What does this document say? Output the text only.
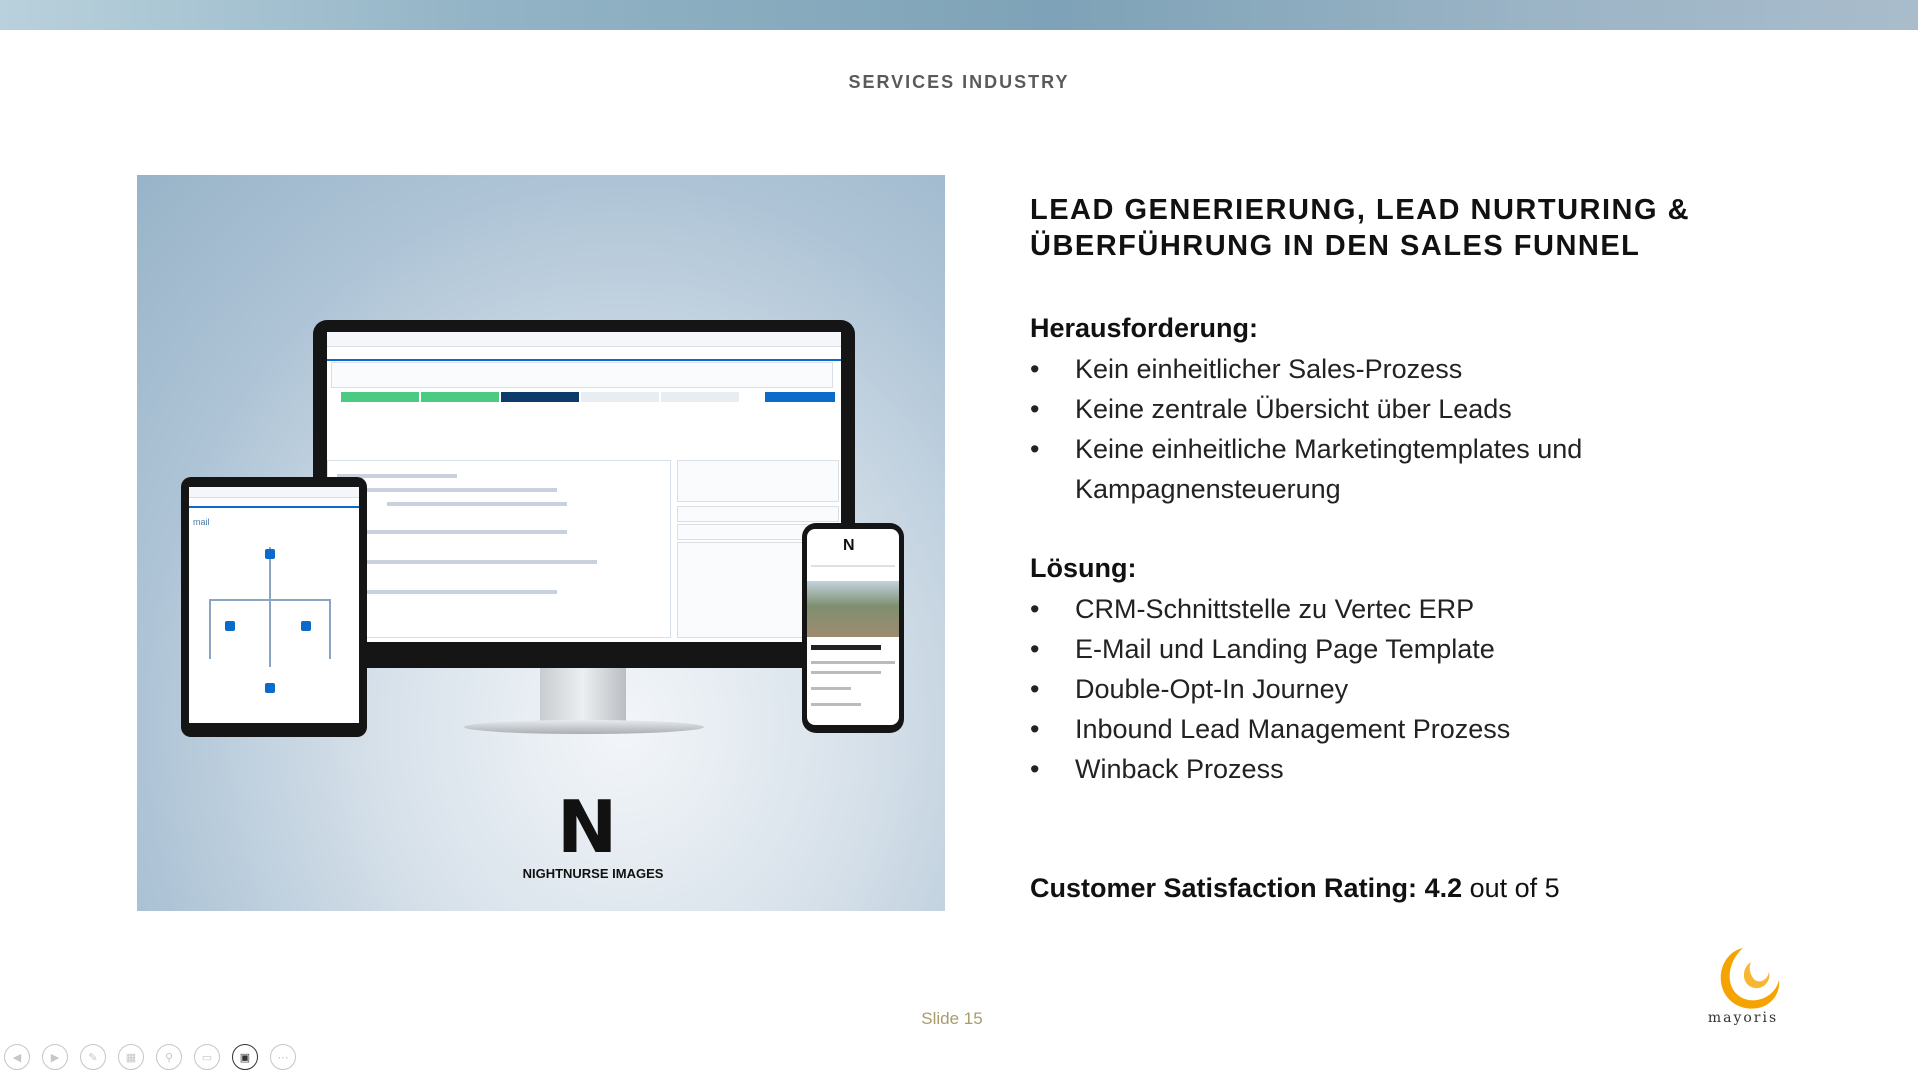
SERVICES INDUSTRY
mail
N
N
NIGHTNURSE IMAGES
LEAD GENERIERUNG, LEAD NURTURING &
ÜBERFÜHRUNG IN DEN SALES FUNNEL
Herausforderung:
• Kein einheitlicher Sales-Prozess
• Keine zentrale Übersicht über Leads
• Keine einheitliche Marketingtemplates und Kampagnensteuerung
Lösung:
• CRM-Schnittstelle zu Vertec ERP
• E-Mail und Landing Page Template
• Double-Opt-In Journey
• Inbound Lead Management Prozess
• Winback Prozess
Customer Satisfaction Rating: 4.2 out of 5
Slide 15	mayoris
◀	▶	✎	▦	⚲	▭	▣	⋯
